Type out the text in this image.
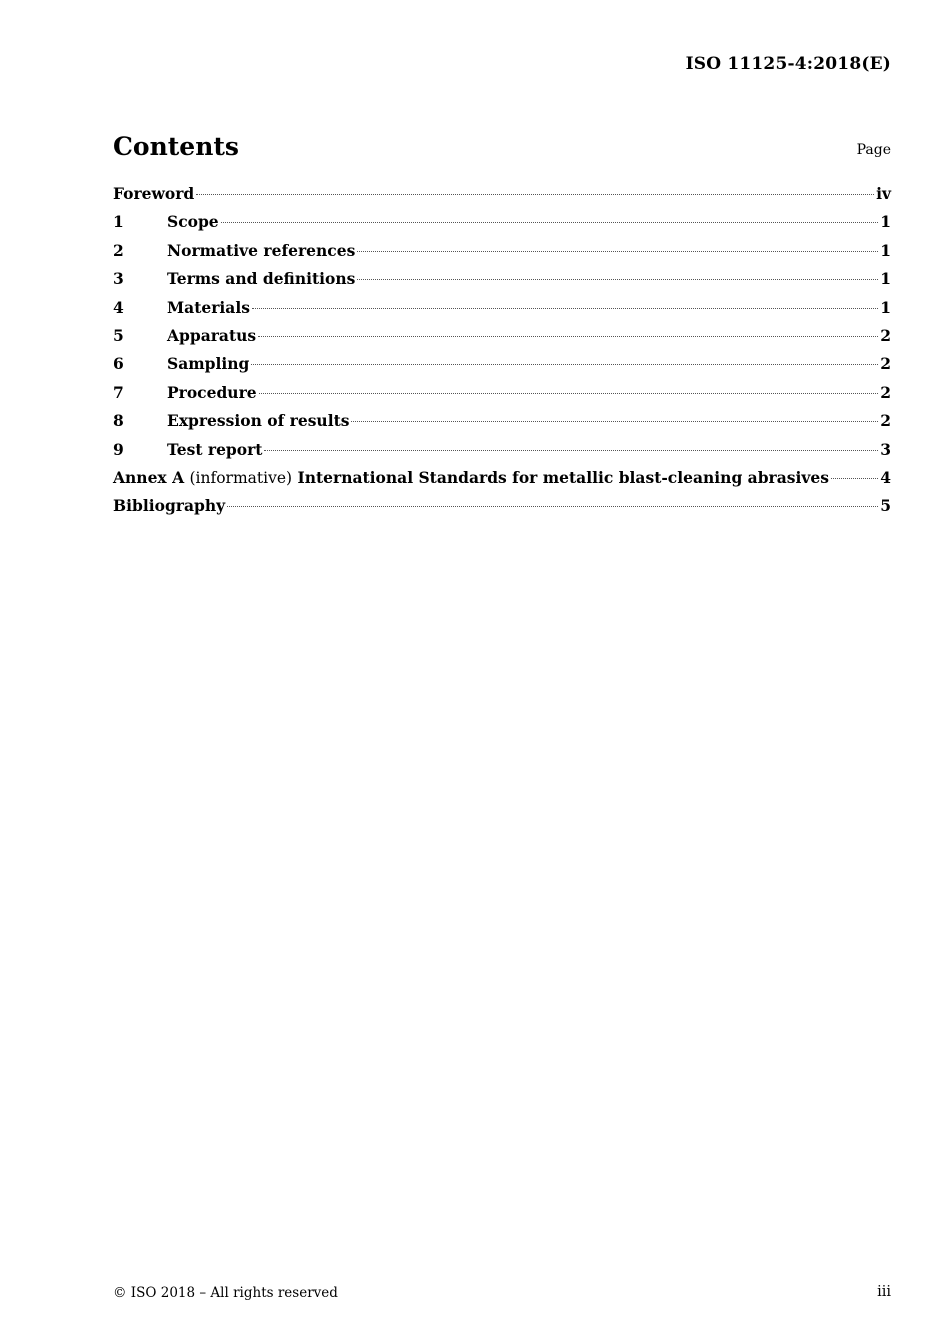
ISO 11125-4:2018(E)
Contents	Page
Foreword	iv
1	Scope	1
2	Normative references	1
3	Terms and definitions	1
4	Materials	1
5	Apparatus	2
6	Sampling	2
7	Procedure	2
8	Expression of results	2
9	Test report	3
Annex A (informative) International Standards for metallic blast-cleaning abrasives	4
Bibliography	5
© ISO 2018 – All rights reserved	iii
